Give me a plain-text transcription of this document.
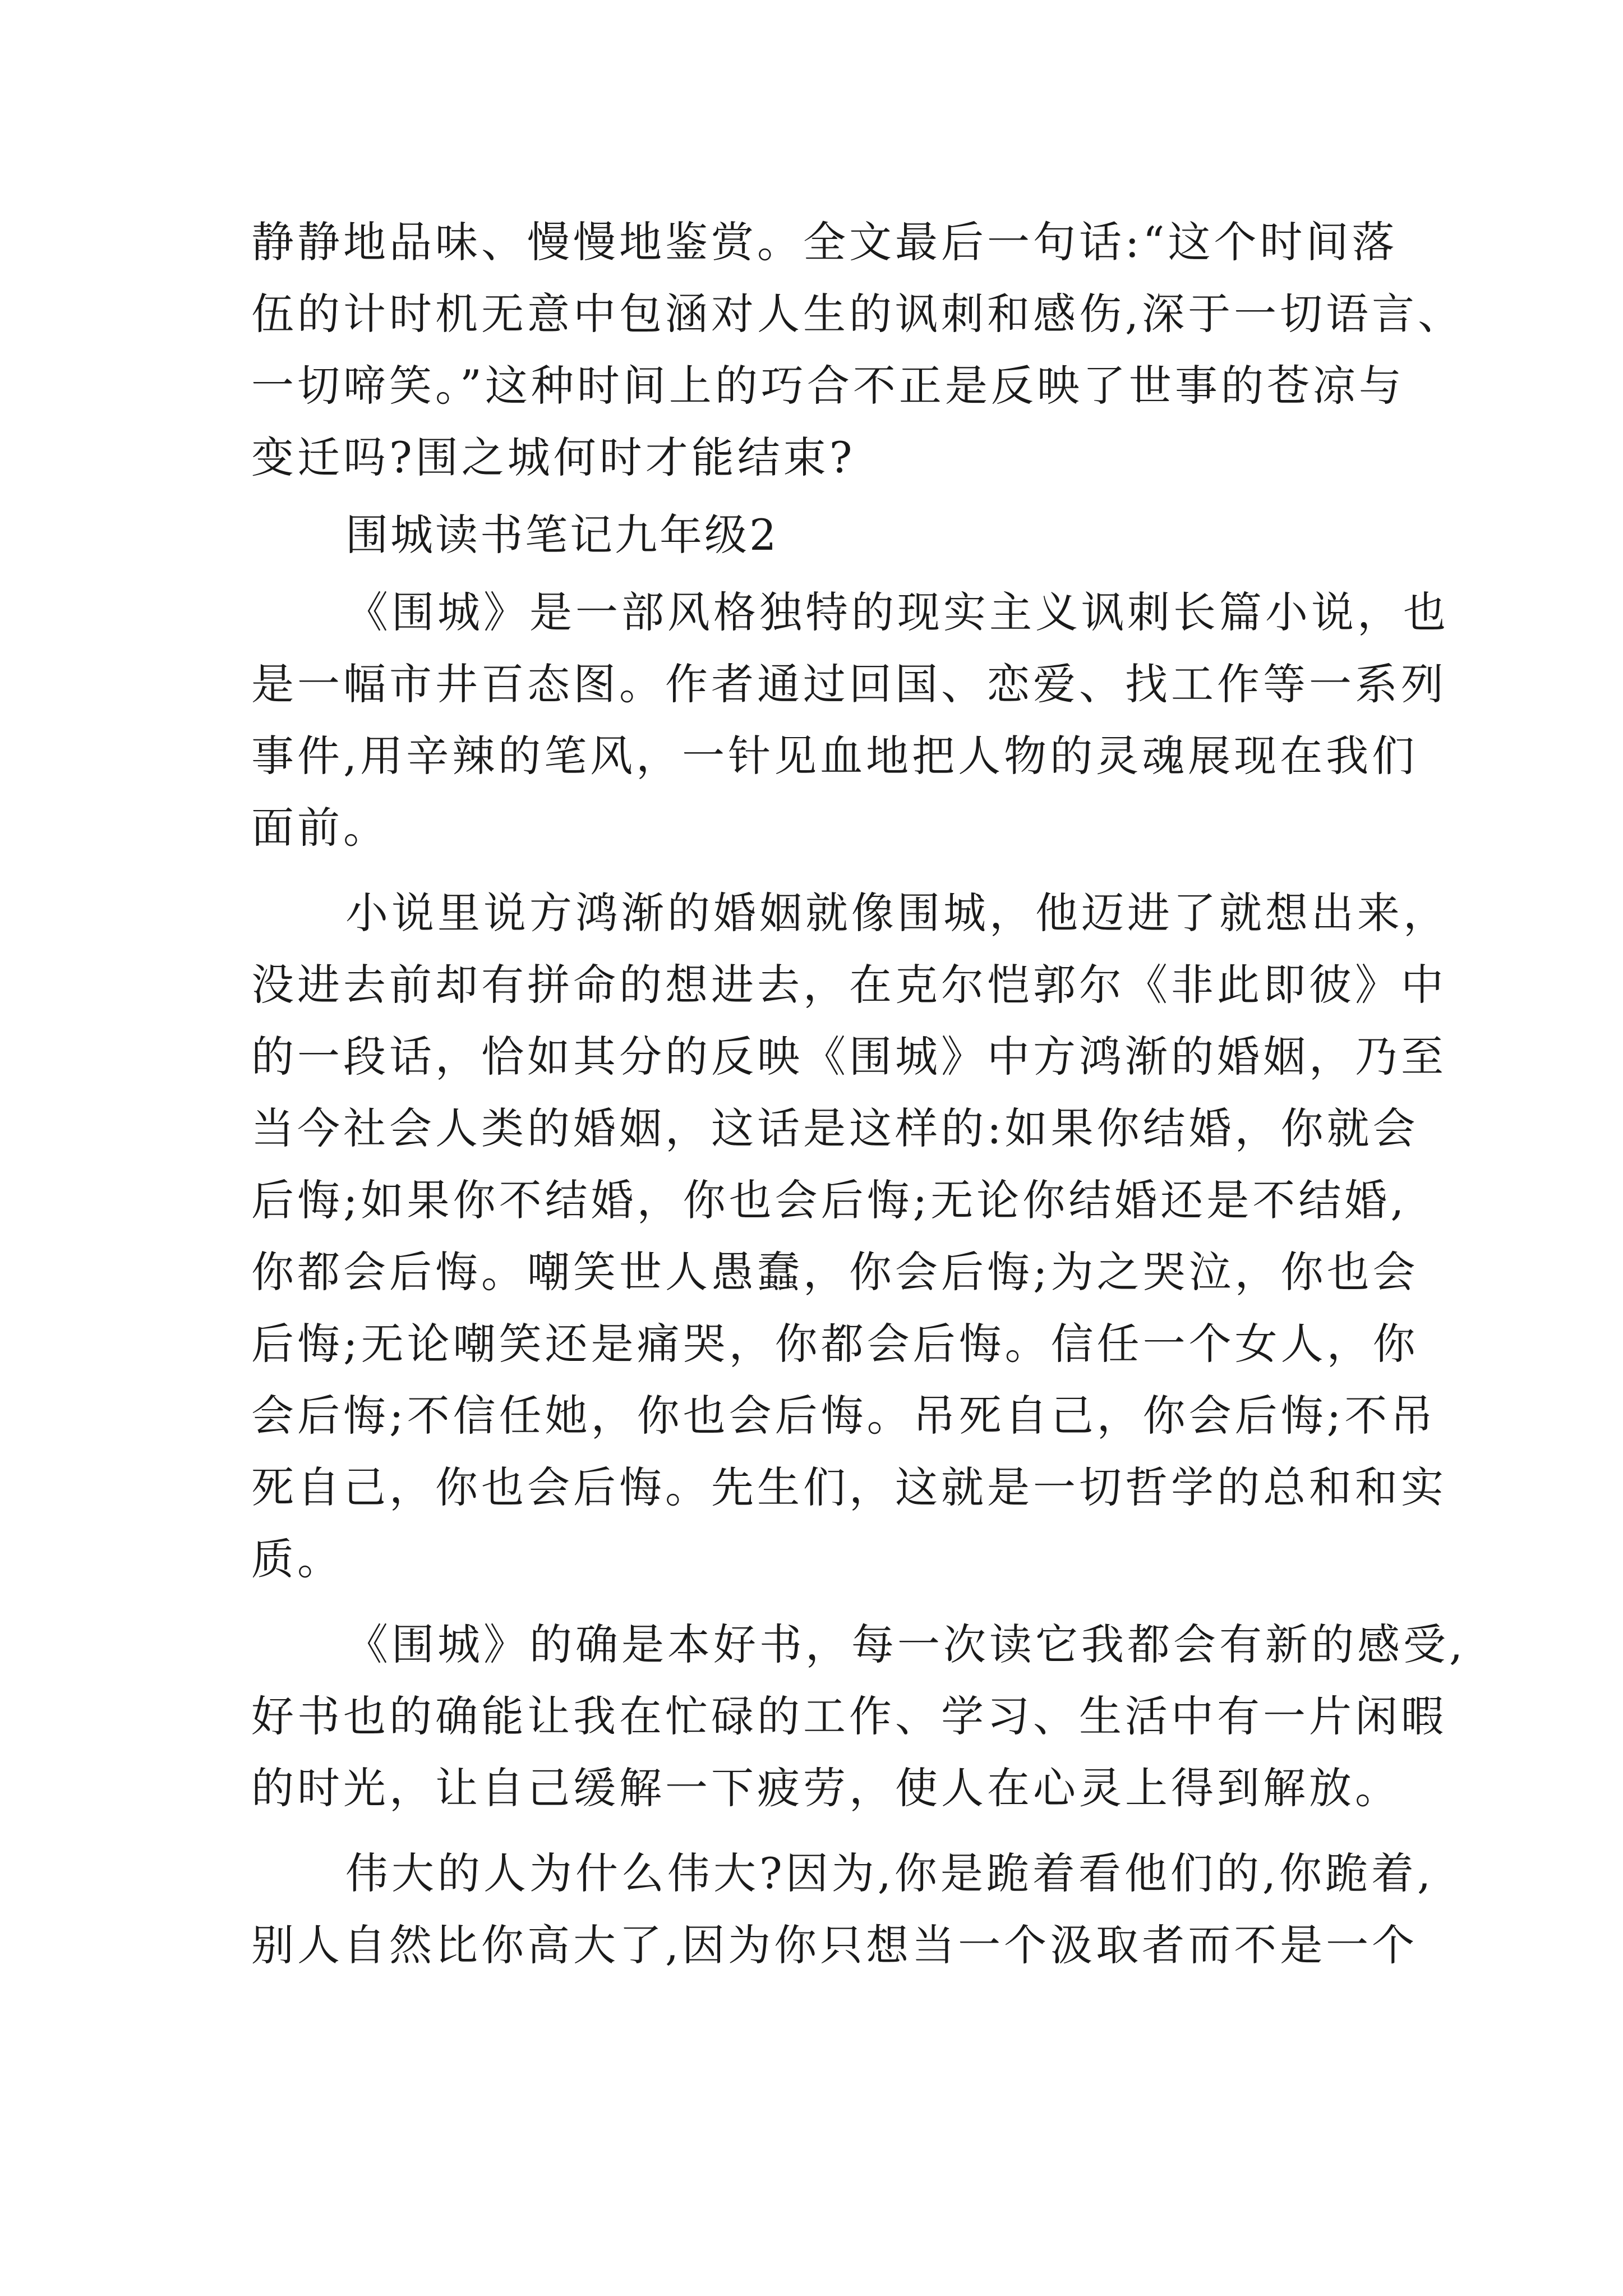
静静地品味、慢慢地鉴赏。全文最后一句话:“这个时间落
伍的计时机无意中包涵对人生的讽刺和感伤,深于一切语言、
一切啼笑。”这种时间上的巧合不正是反映了世事的苍凉与
变迁吗?围之城何时才能结束?
围城读书笔记九年级2
《围城》是一部风格独特的现实主义讽刺长篇小说，也
是一幅市井百态图。作者通过回国、恋爱、找工作等一系列
事件,用辛辣的笔风，一针见血地把人物的灵魂展现在我们
面前。
小说里说方鸿渐的婚姻就像围城，他迈进了就想出来，
没进去前却有拼命的想进去，在克尔恺郭尔《非此即彼》中
的一段话，恰如其分的反映《围城》中方鸿渐的婚姻，乃至
当今社会人类的婚姻，这话是这样的:如果你结婚，你就会
后悔;如果你不结婚，你也会后悔;无论你结婚还是不结婚,
你都会后悔。嘲笑世人愚蠢，你会后悔;为之哭泣，你也会
后悔;无论嘲笑还是痛哭，你都会后悔。信任一个女人，你
会后悔;不信任她，你也会后悔。吊死自己，你会后悔;不吊
死自己，你也会后悔。先生们，这就是一切哲学的总和和实
质。
《围城》的确是本好书，每一次读它我都会有新的感受,
好书也的确能让我在忙碌的工作、学习、生活中有一片闲暇
的时光，让自己缓解一下疲劳，使人在心灵上得到解放。
伟大的人为什么伟大?因为,你是跪着看他们的,你跪着,
别人自然比你高大了,因为你只想当一个汲取者而不是一个
